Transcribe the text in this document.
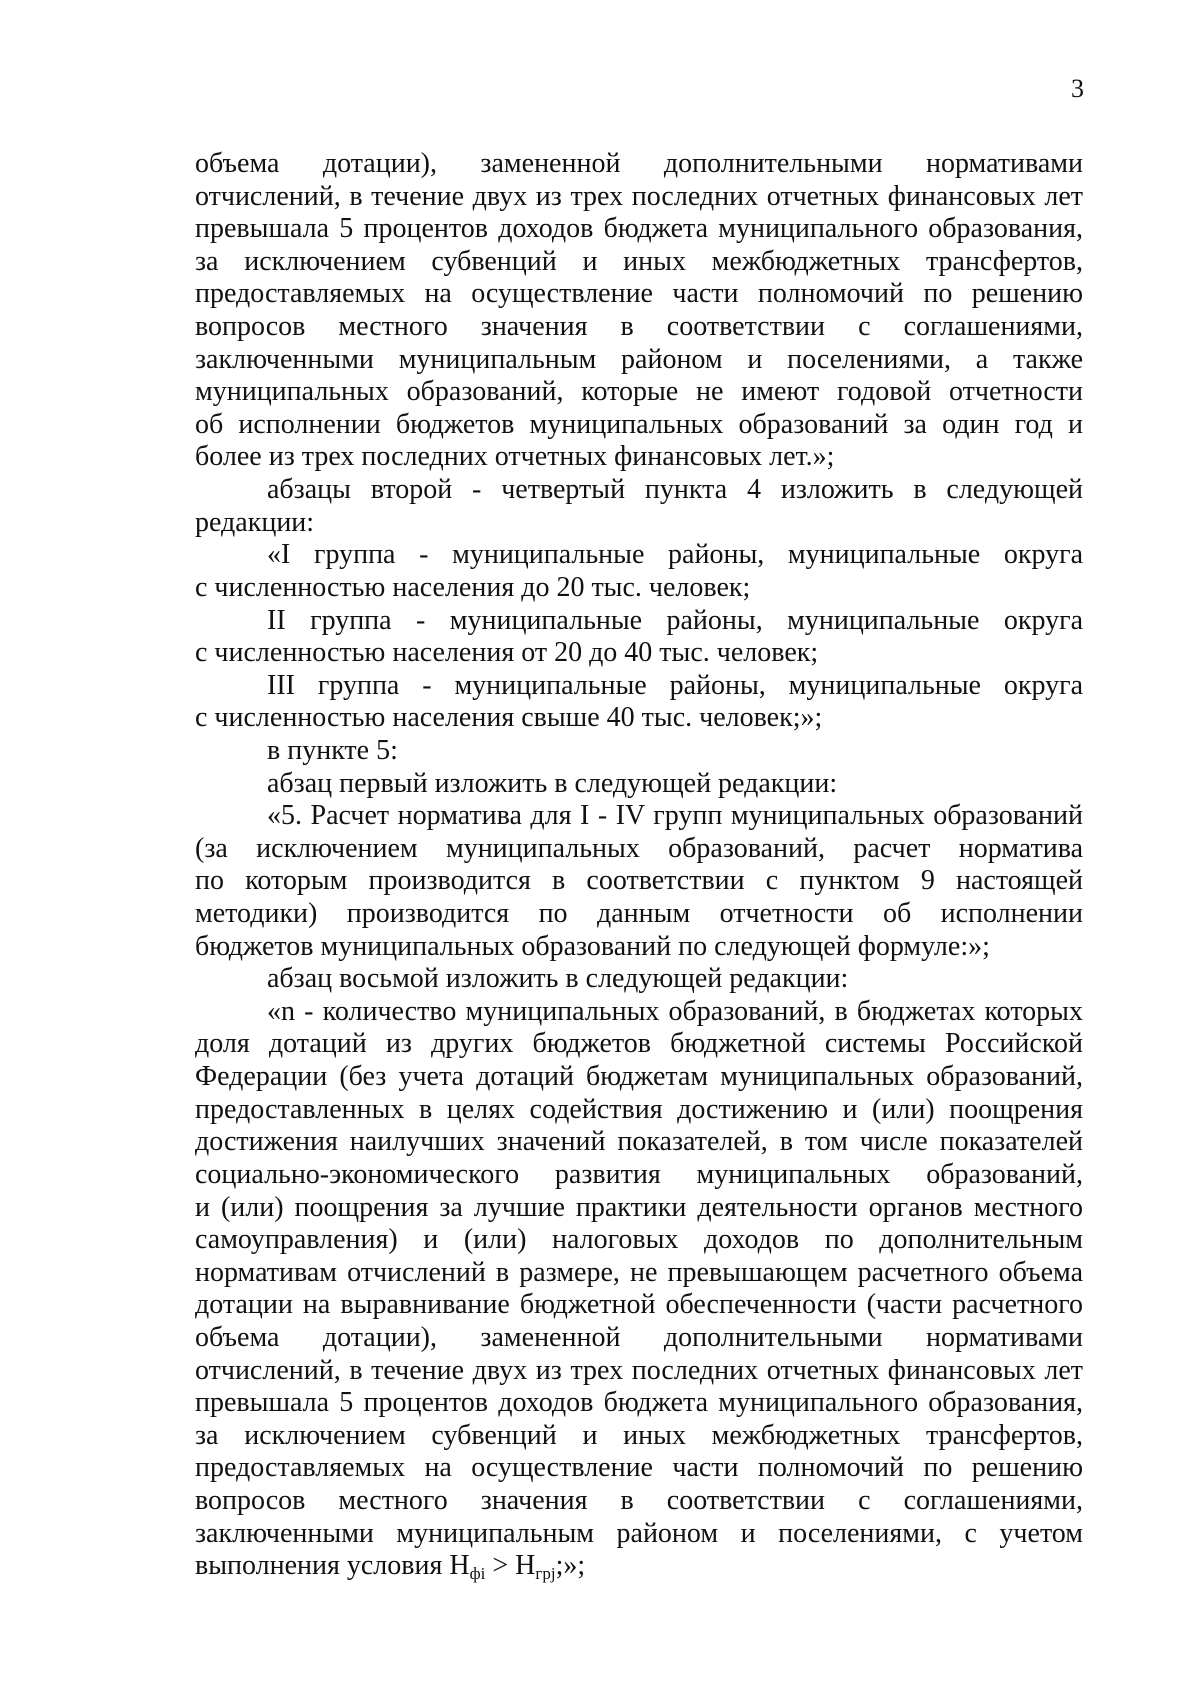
3
объема дотации), замененной дополнительными нормативами
отчислений, в течение двух из трех последних отчетных финансовых лет
превышала 5 процентов доходов бюджета муниципального образования,
за исключением субвенций и иных межбюджетных трансфертов,
предоставляемых на осуществление части полномочий по решению
вопросов местного значения в соответствии с соглашениями,
заключенными муниципальным районом и поселениями, а также
муниципальных образований, которые не имеют годовой отчетности
об исполнении бюджетов муниципальных образований за один год и
более из трех последних отчетных финансовых лет.»;
абзацы второй - четвертый пункта 4 изложить в следующей
редакции:
«I группа - муниципальные районы, муниципальные округа
с численностью населения до 20 тыс. человек;
II группа - муниципальные районы, муниципальные округа
с численностью населения от 20 до 40 тыс. человек;
III группа - муниципальные районы, муниципальные округа
с численностью населения свыше 40 тыс. человек;»;
в пункте 5:
абзац первый изложить в следующей редакции:
«5. Расчет норматива для I - IV групп муниципальных образований
(за исключением муниципальных образований, расчет норматива
по которым производится в соответствии с пунктом 9 настоящей
методики) производится по данным отчетности об исполнении
бюджетов муниципальных образований по следующей формуле:»;
абзац восьмой изложить в следующей редакции:
«n - количество муниципальных образований, в бюджетах которых
доля дотаций из других бюджетов бюджетной системы Российской
Федерации (без учета дотаций бюджетам муниципальных образований,
предоставленных в целях содействия достижению и (или) поощрения
достижения наилучших значений показателей, в том числе показателей
социально-экономического развития муниципальных образований,
и (или) поощрения за лучшие практики деятельности органов местного
самоуправления) и (или) налоговых доходов по дополнительным
нормативам отчислений в размере, не превышающем расчетного объема
дотации на выравнивание бюджетной обеспеченности (части расчетного
объема дотации), замененной дополнительными нормативами
отчислений, в течение двух из трех последних отчетных финансовых лет
превышала 5 процентов доходов бюджета муниципального образования,
за исключением субвенций и иных межбюджетных трансфертов,
предоставляемых на осуществление части полномочий по решению
вопросов местного значения в соответствии с соглашениями,
заключенными муниципальным районом и поселениями, с учетом
выполнения условия $Н_{фi} > Н_{грj}$;»;
